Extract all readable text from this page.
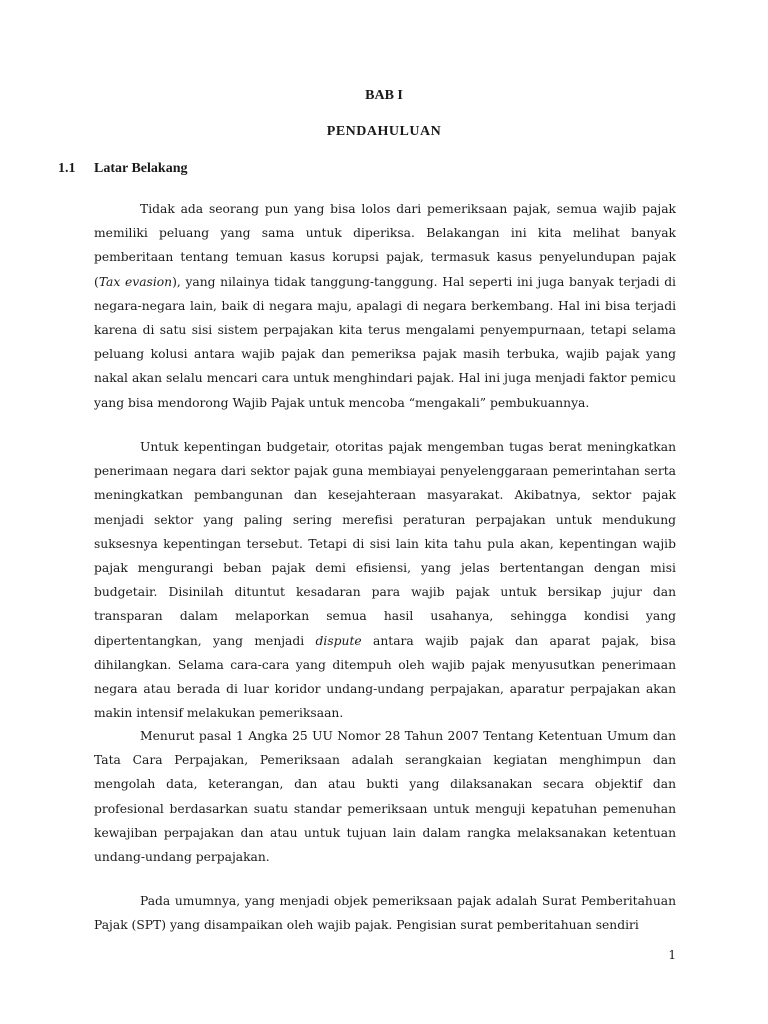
BAB I
PENDAHULUAN
1.1 Latar Belakang

Tidak ada seorang pun yang bisa lolos dari pemeriksaan pajak, semua wajib pajak memiliki peluang yang sama untuk diperiksa. Belakangan ini kita melihat banyak pemberitaan tentang temuan kasus korupsi pajak, termasuk kasus penyelundupan pajak (Tax evasion), yang nilainya tidak tanggung-tanggung. Hal seperti ini juga banyak terjadi di negara-negara lain, baik di negara maju, apalagi di negara berkembang. Hal ini bisa terjadi karena di satu sisi sistem perpajakan kita terus mengalami penyempurnaan, tetapi selama peluang kolusi antara wajib pajak dan pemeriksa pajak masih terbuka, wajib pajak yang nakal akan selalu mencari cara untuk menghindari pajak. Hal ini juga menjadi faktor pemicu yang bisa mendorong Wajib Pajak untuk mencoba “mengakali” pembukuannya.

Untuk kepentingan budgetair, otoritas pajak mengemban tugas berat meningkatkan penerimaan negara dari sektor pajak guna membiayai penyelenggaraan pemerintahan serta meningkatkan pembangunan dan kesejahteraan masyarakat. Akibatnya, sektor pajak menjadi sektor yang paling sering merefisi peraturan perpajakan untuk mendukung suksesnya kepentingan tersebut. Tetapi di sisi lain kita tahu pula akan, kepentingan wajib pajak mengurangi beban pajak demi efisiensi, yang jelas bertentangan dengan misi budgetair. Disinilah dituntut kesadaran para wajib pajak untuk bersikap jujur dan transparan dalam melaporkan semua hasil usahanya, sehingga kondisi yang dipertentangkan, yang menjadi dispute antara wajib pajak dan aparat pajak, bisa dihilangkan. Selama cara-cara yang ditempuh oleh wajib pajak menyusutkan penerimaan negara atau berada di luar koridor undang-undang perpajakan, aparatur perpajakan akan makin intensif melakukan pemeriksaan.

Menurut pasal 1 Angka 25 UU Nomor 28 Tahun 2007 Tentang Ketentuan Umum dan Tata Cara Perpajakan, Pemeriksaan adalah serangkaian kegiatan menghimpun dan mengolah data, keterangan, dan atau bukti yang dilaksanakan secara objektif dan profesional berdasarkan suatu standar pemeriksaan untuk menguji kepatuhan pemenuhan kewajiban perpajakan dan atau untuk tujuan lain dalam rangka melaksanakan ketentuan undang-undang perpajakan.

Pada umumnya, yang menjadi objek pemeriksaan pajak adalah Surat Pemberitahuan Pajak (SPT) yang disampaikan oleh wajib pajak. Pengisian surat pemberitahuan sendiri

1
